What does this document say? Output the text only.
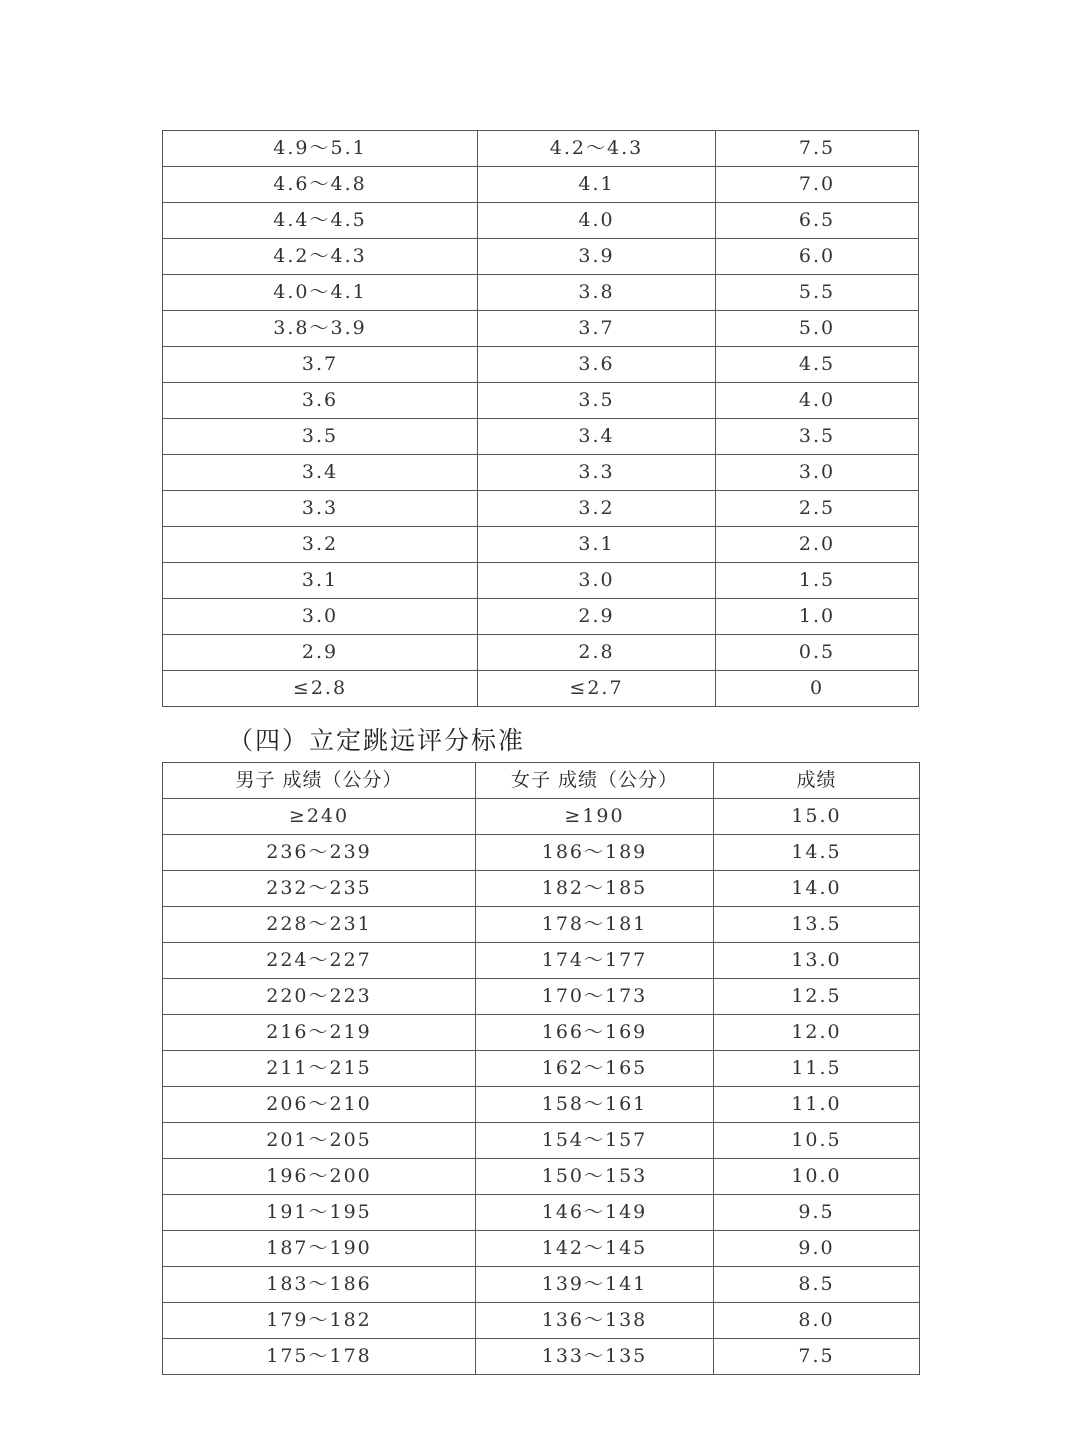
4.9～5.1	4.2～4.3	7.5
4.6～4.8	4.1	7.0
4.4～4.5	4.0	6.5
4.2～4.3	3.9	6.0
4.0～4.1	3.8	5.5
3.8～3.9	3.7	5.0
3.7	3.6	4.5
3.6	3.5	4.0
3.5	3.4	3.5
3.4	3.3	3.0
3.3	3.2	2.5
3.2	3.1	2.0
3.1	3.0	1.5
3.0	2.9	1.0
2.9	2.8	0.5
≤2.8	≤2.7	0
（四）立定跳远评分标准
男子 成绩（公分）	女子 成绩（公分）	成绩
≥240	≥190	15.0
236～239	186～189	14.5
232～235	182～185	14.0
228～231	178～181	13.5
224～227	174～177	13.0
220～223	170～173	12.5
216～219	166～169	12.0
211～215	162～165	11.5
206～210	158～161	11.0
201～205	154～157	10.5
196～200	150～153	10.0
191～195	146～149	9.5
187～190	142～145	9.0
183～186	139～141	8.5
179～182	136～138	8.0
175～178	133～135	7.5
